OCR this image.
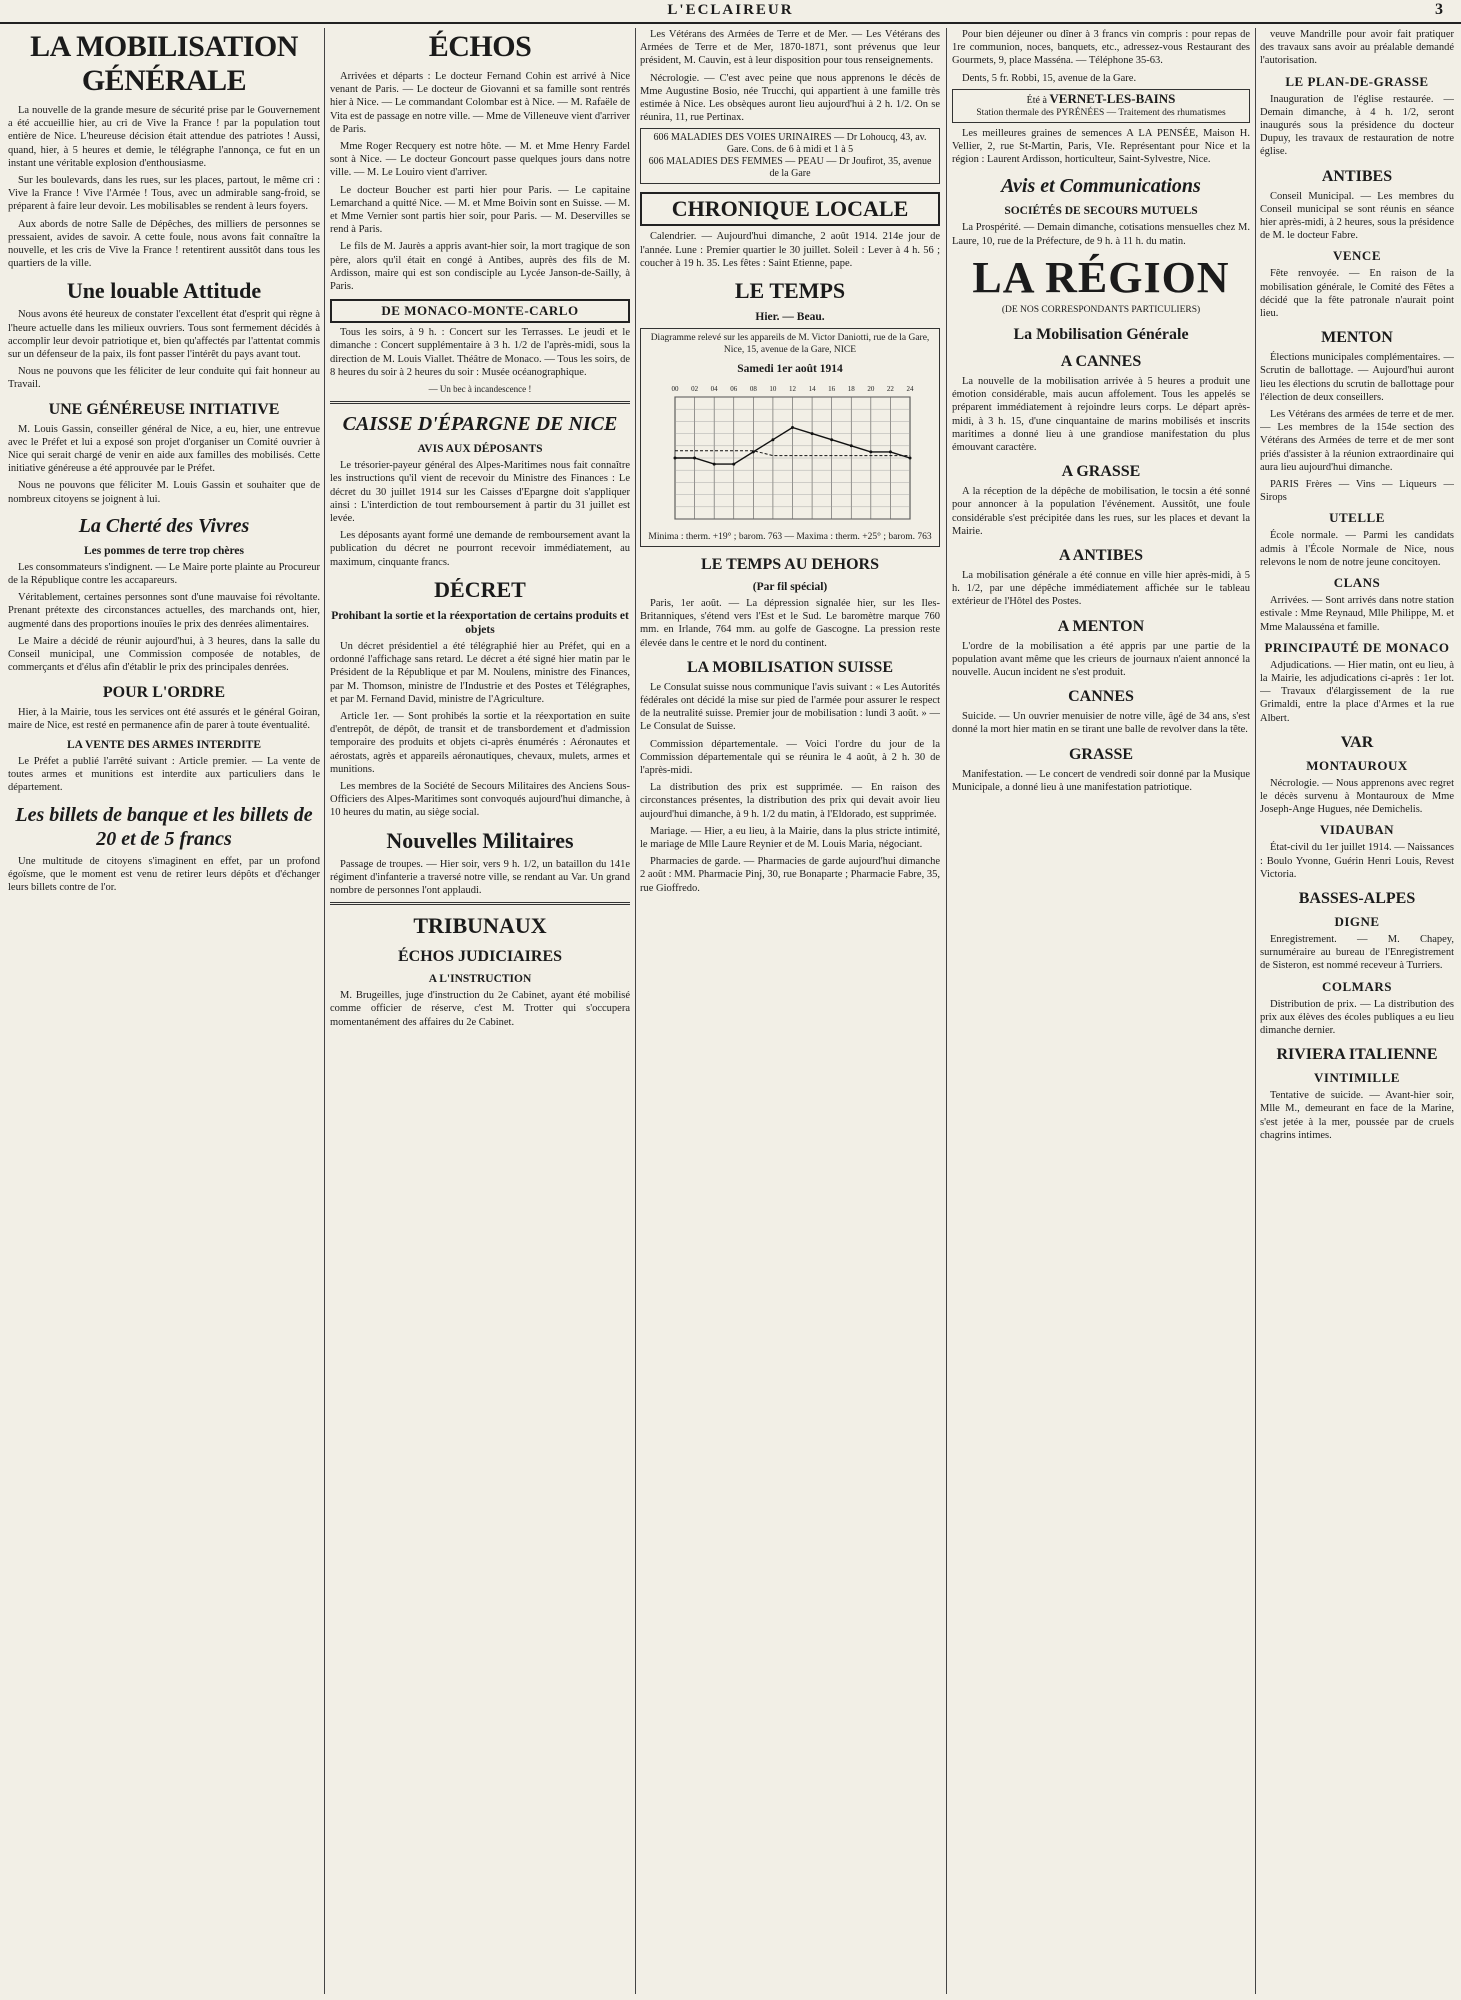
L'ECLAIREUR	3
LA MOBILISATION GÉNÉRALE

La nouvelle de la grande mesure de sécurité prise par le Gouvernement a été accueillie hier, au cri de Vive la France ! par la population tout entière de Nice. L'heureuse décision était attendue des patriotes ! Aussi, quand, hier, à 5 heures et demie, le télégraphe l'annonça, ce fut en un instant une véritable explosion d'enthousiasme.

Sur les boulevards, dans les rues, sur les places, partout, le même cri : Vive la France ! Vive l'Armée ! Tous, avec un admirable sang-froid, se préparent à faire leur devoir. Les mobilisables se rendent à leurs foyers.

Aux abords de notre Salle de Dépêches, des milliers de personnes se pressaient, avides de savoir. A cette foule, nous avons fait connaître la nouvelle, et les cris de Vive la France ! retentirent aussitôt dans tous les quartiers de la ville.

Une louable Attitude

Nous avons été heureux de constater l'excellent état d'esprit qui règne à l'heure actuelle dans les milieux ouvriers. Tous sont fermement décidés à accomplir leur devoir patriotique et, bien qu'affectés par l'attentat commis sur un défenseur de la paix, ils font passer l'intérêt du pays avant tout.

Nous ne pouvons que les féliciter de leur conduite qui fait honneur au Travail.

UNE GÉNÉREUSE INITIATIVE

M. Louis Gassin, conseiller général de Nice, a eu, hier, une entrevue avec le Préfet et lui a exposé son projet d'organiser un Comité ouvrier à Nice qui serait chargé de venir en aide aux familles des mobilisés. Cette initiative généreuse a été approuvée par le Préfet.

Nous ne pouvons que féliciter M. Louis Gassin et souhaiter que de nombreux citoyens se joignent à lui.

La Cherté des Vivres
Les pommes de terre trop chères

Les consommateurs s'indignent. — Le Maire porte plainte au Procureur de la République contre les accapareurs.

Véritablement, certaines personnes sont d'une mauvaise foi révoltante. Prenant prétexte des circonstances actuelles, des marchands ont, hier, augmenté dans des proportions inouïes le prix des denrées alimentaires.

Le Maire a décidé de réunir aujourd'hui, à 3 heures, dans la salle du Conseil municipal, une Commission composée de notables, de commerçants et d'élus afin d'établir le prix des principales denrées.

POUR L'ORDRE

Hier, à la Mairie, tous les services ont été assurés et le général Goiran, maire de Nice, est resté en permanence afin de parer à toute éventualité.

LA VENTE DES ARMES INTERDITE

Le Préfet a publié l'arrêté suivant : Article premier. — La vente de toutes armes et munitions est interdite aux particuliers dans le département.

Les billets de banque et les billets de 20 et de 5 francs

Une multitude de citoyens s'imaginent en effet, par un profond égoïsme, que le moment est venu de retirer leurs dépôts et d'échanger leurs billets contre de l'or.

ÉCHOS

Arrivées et départs : Le docteur Fernand Cohin est arrivé à Nice venant de Paris. — Le docteur de Giovanni et sa famille sont rentrés hier à Nice. — Le commandant Colombar est à Nice. — M. Rafaële de Vita est de passage en notre ville. — Mme de Villeneuve vient d'arriver de Paris.

Mme Roger Recquery est notre hôte. — M. et Mme Henry Fardel sont à Nice. — Le docteur Goncourt passe quelques jours dans notre ville. — M. Le Louiro vient d'arriver.

Le docteur Boucher est parti hier pour Paris. — Le capitaine Lemarchand a quitté Nice. — M. et Mme Boivin sont en Suisse. — M. et Mme Vernier sont partis hier soir, pour Paris. — M. Deservilles se rend à Paris.

Le fils de M. Jaurès a appris avant-hier soir, la mort tragique de son père, alors qu'il était en congé à Antibes, auprès des fils de M. Ardisson, maire qui est son condisciple au Lycée Janson-de-Sailly, à Paris.

DE MONACO-MONTE-CARLO

Tous les soirs, à 9 h. : Concert sur les Terrasses. Le jeudi et le dimanche : Concert supplémentaire à 3 h. 1/2 de l'après-midi, sous la direction de M. Louis Viallet. Théâtre de Monaco. — Tous les soirs, de 8 heures du soir à 2 heures du soir : Musée océanographique.

— Un bec à incandescence !
CAISSE D'ÉPARGNE DE NICE
AVIS AUX DÉPOSANTS

Le trésorier-payeur général des Alpes-Maritimes nous fait connaître les instructions qu'il vient de recevoir du Ministre des Finances : Le décret du 30 juillet 1914 sur les Caisses d'Epargne doit s'appliquer ainsi : L'interdiction de tout remboursement à partir du 31 juillet est levée.

Les déposants ayant formé une demande de remboursement avant la publication du décret ne pourront recevoir immédiatement, au maximum, cinquante francs.

DÉCRET
Prohibant la sortie et la réexportation de certains produits et objets

Un décret présidentiel a été télégraphié hier au Préfet, qui en a ordonné l'affichage sans retard. Le décret a été signé hier matin par le Président de la République et par M. Noulens, ministre des Finances, par M. Thomson, ministre de l'Industrie et des Postes et Télégraphes, et par M. Fernand David, ministre de l'Agriculture.

Article 1er. — Sont prohibés la sortie et la réexportation en suite d'entrepôt, de dépôt, de transit et de transbordement et d'admission temporaire des produits et objets ci-après énumérés : Aéronautes et aérostats, agrès et appareils aéronautiques, chevaux, mulets, armes et munitions.

Les membres de la Société de Secours Militaires des Anciens Sous-Officiers des Alpes-Maritimes sont convoqués aujourd'hui dimanche, à 10 heures du matin, au siège social.

Nouvelles Militaires

Passage de troupes. — Hier soir, vers 9 h. 1/2, un bataillon du 141e régiment d'infanterie a traversé notre ville, se rendant au Var. Un grand nombre de personnes l'ont applaudi.

TRIBUNAUX
ÉCHOS JUDICIAIRES
A L'INSTRUCTION

M. Brugeilles, juge d'instruction du 2e Cabinet, ayant été mobilisé comme officier de réserve, c'est M. Trotter qui s'occupera momentanément des affaires du 2e Cabinet.

Les Vétérans des Armées de Terre et de Mer. — Les Vétérans des Armées de Terre et de Mer, 1870-1871, sont prévenus que leur président, M. Cauvin, est à leur disposition pour tous renseignements.

Nécrologie. — C'est avec peine que nous apprenons le décès de Mme Augustine Bosio, née Trucchi, qui appartient à une famille très estimée à Nice. Les obsèques auront lieu aujourd'hui à 2 h. 1/2. On se réunira, 11, rue Pertinax.

606 MALADIES DES VOIES URINAIRES — Dr Lohoucq, 43, av. Gare. Cons. de 6 à midi et 1 à 5
606 MALADIES DES FEMMES — PEAU — Dr Joufirot, 35, avenue de la Gare
CHRONIQUE LOCALE

Calendrier. — Aujourd'hui dimanche, 2 août 1914. 214e jour de l'année. Lune : Premier quartier le 30 juillet. Soleil : Lever à 4 h. 56 ; coucher à 19 h. 35. Les fêtes : Saint Etienne, pape.

LE TEMPS
Hier. — Beau.
Diagramme relevé sur les appareils de M. Victor Daniotti, rue de la Gare, Nice, 15, avenue de la Gare, NICE
Samedi 1er août 1914
00 02 04 06 08 10 12 14 16 18 20 22 24
Minima : therm. +19° ; barom. 763 — Maxima : therm. +25° ; barom. 763
LE TEMPS AU DEHORS
(Par fil spécial)

Paris, 1er août. — La dépression signalée hier, sur les Iles-Britanniques, s'étend vers l'Est et le Sud. Le baromètre marque 760 mm. en Irlande, 764 mm. au golfe de Gascogne. La pression reste élevée dans le centre et le nord du continent.

LA MOBILISATION SUISSE

Le Consulat suisse nous communique l'avis suivant : « Les Autorités fédérales ont décidé la mise sur pied de l'armée pour assurer le respect de la neutralité suisse. Premier jour de mobilisation : lundi 3 août. » — Le Consulat de Suisse.

Commission départementale. — Voici l'ordre du jour de la Commission départementale qui se réunira le 4 août, à 2 h. 30 de l'après-midi.

La distribution des prix est supprimée. — En raison des circonstances présentes, la distribution des prix qui devait avoir lieu aujourd'hui dimanche, à 9 h. 1/2 du matin, à l'Eldorado, est supprimée.

Mariage. — Hier, a eu lieu, à la Mairie, dans la plus stricte intimité, le mariage de Mlle Laure Reynier et de M. Louis Maria, négociant.

Pharmacies de garde. — Pharmacies de garde aujourd'hui dimanche 2 août : MM. Pharmacie Pinj, 30, rue Bonaparte ; Pharmacie Fabre, 35, rue Gioffredo.

Pour bien déjeuner ou dîner à 3 francs vin compris : pour repas de 1re communion, noces, banquets, etc., adressez-vous Restaurant des Gourmets, 9, place Masséna. — Téléphone 35-63.

Dents, 5 fr. Robbi, 15, avenue de la Gare.

Été à VERNET-LES-BAINS
Station thermale des PYRÉNÉES — Traitement des rhumatismes

Les meilleures graines de semences A LA PENSÉE, Maison H. Vellier, 2, rue St-Martin, Paris, VIe. Représentant pour Nice et la région : Laurent Ardisson, horticulteur, Saint-Sylvestre, Nice.

Avis et Communications
SOCIÉTÉS DE SECOURS MUTUELS

La Prospérité. — Demain dimanche, cotisations mensuelles chez M. Laure, 10, rue de la Préfecture, de 9 h. à 11 h. du matin.

LA RÉGION
(DE NOS CORRESPONDANTS PARTICULIERS)
La Mobilisation Générale
A CANNES

La nouvelle de la mobilisation arrivée à 5 heures a produit une émotion considérable, mais aucun affolement. Tous les appelés se préparent immédiatement à rejoindre leurs corps. Le départ après-midi, à 3 h. 15, d'une cinquantaine de marins mobilisés et inscrits maritimes a donné lieu à une grandiose manifestation du plus émouvant caractère.

A GRASSE

A la réception de la dépêche de mobilisation, le tocsin a été sonné pour annoncer à la population l'événement. Aussitôt, une foule considérable s'est précipitée dans les rues, sur les places et devant la Mairie.

A ANTIBES

La mobilisation générale a été connue en ville hier après-midi, à 5 h. 1/2, par une dépêche immédiatement affichée sur le tableau extérieur de l'Hôtel des Postes.

A MENTON

L'ordre de la mobilisation a été appris par une partie de la population avant même que les crieurs de journaux n'aient annoncé la nouvelle. Aucun incident ne s'est produit.

CANNES

Suicide. — Un ouvrier menuisier de notre ville, âgé de 34 ans, s'est donné la mort hier matin en se tirant une balle de revolver dans la tête.

GRASSE

Manifestation. — Le concert de vendredi soir donné par la Musique Municipale, a donné lieu à une manifestation patriotique.

veuve Mandrille pour avoir fait pratiquer des travaux sans avoir au préalable demandé l'autorisation.

LE PLAN-DE-GRASSE

Inauguration de l'église restaurée. — Demain dimanche, à 4 h. 1/2, seront inaugurés sous la présidence du docteur Dupuy, les travaux de restauration de notre église.

ANTIBES

Conseil Municipal. — Les membres du Conseil municipal se sont réunis en séance hier après-midi, à 2 heures, sous la présidence de M. le docteur Fabre.

VENCE

Fête renvoyée. — En raison de la mobilisation générale, le Comité des Fêtes a décidé que la fête patronale n'aurait point lieu.

MENTON

Élections municipales complémentaires. — Scrutin de ballottage. — Aujourd'hui auront lieu les élections du scrutin de ballottage pour l'élection de deux conseillers.

Les Vétérans des armées de terre et de mer. — Les membres de la 154e section des Vétérans des Armées de terre et de mer sont priés d'assister à la réunion extraordinaire qui aura lieu aujourd'hui dimanche.

PARIS Frères — Vins — Liqueurs — Sirops

UTELLE

École normale. — Parmi les candidats admis à l'École Normale de Nice, nous relevons le nom de notre jeune concitoyen.

CLANS

Arrivées. — Sont arrivés dans notre station estivale : Mme Reynaud, Mlle Philippe, M. et Mme Malausséna et famille.

PRINCIPAUTÉ DE MONACO

Adjudications. — Hier matin, ont eu lieu, à la Mairie, les adjudications ci-après : 1er lot. — Travaux d'élargissement de la rue Grimaldi, entre la place d'Armes et la rue Albert.

VAR
MONTAUROUX

Nécrologie. — Nous apprenons avec regret le décès survenu à Montauroux de Mme Joseph-Ange Hugues, née Demichelis.

VIDAUBAN

État-civil du 1er juillet 1914. — Naissances : Boulo Yvonne, Guérin Henri Louis, Revest Victoria.

BASSES-ALPES
DIGNE

Enregistrement. — M. Chapey, surnuméraire au bureau de l'Enregistrement de Sisteron, est nommé receveur à Turriers.

COLMARS

Distribution de prix. — La distribution des prix aux élèves des écoles publiques a eu lieu dimanche dernier.

RIVIERA ITALIENNE
VINTIMILLE

Tentative de suicide. — Avant-hier soir, Mlle M., demeurant en face de la Marine, s'est jetée à la mer, poussée par de cruels chagrins intimes.
